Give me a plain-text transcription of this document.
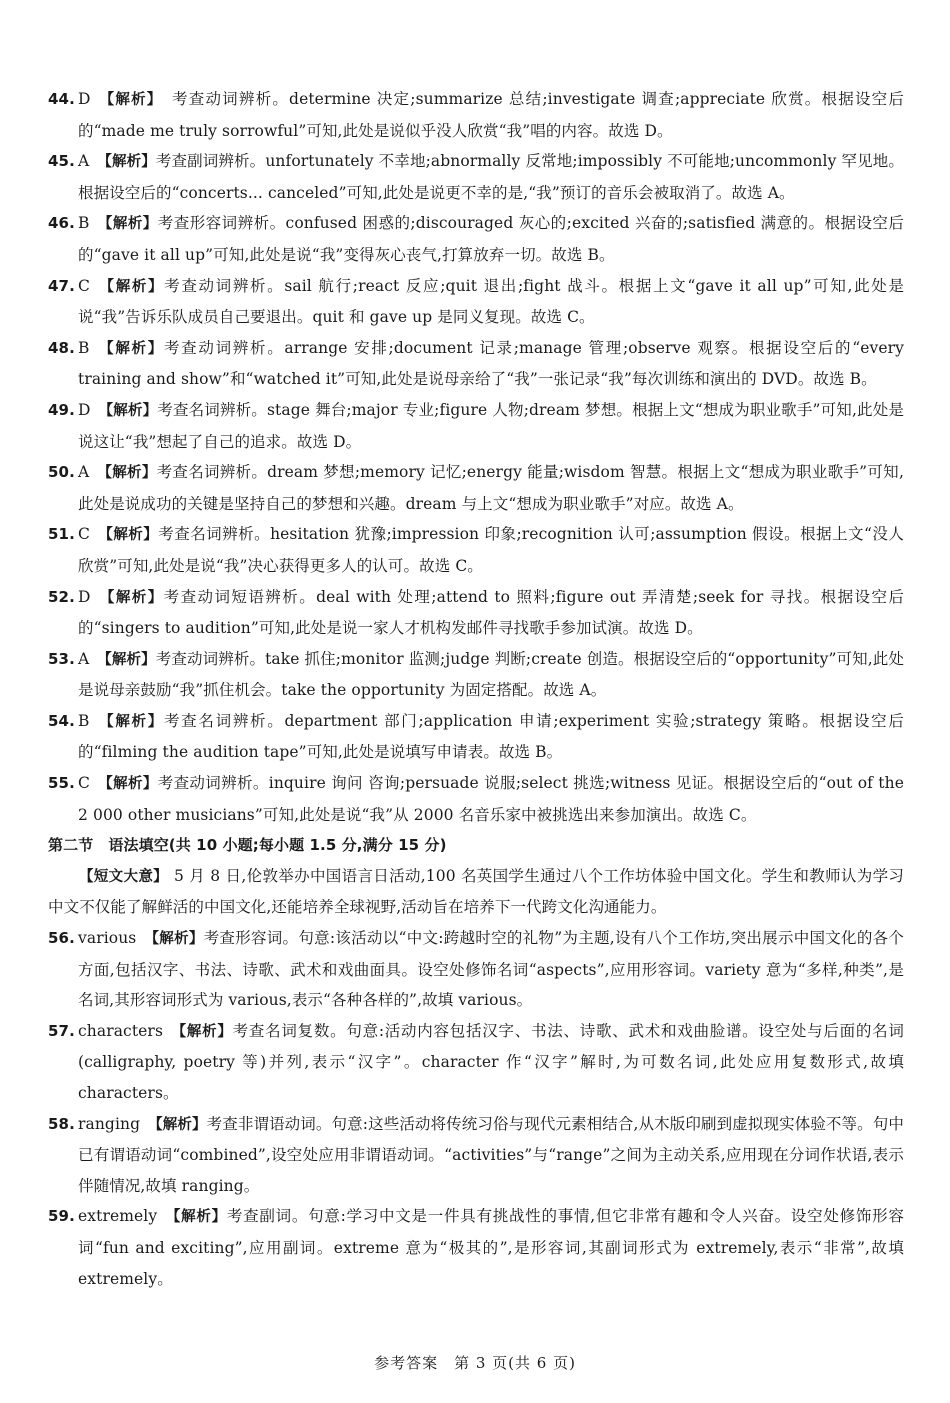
44. D 【解析】　考查动词辨析。determine 决定;summarize 总结;investigate 调查;appreciate 欣赏。根据设空后的“made me truly sorrowful”可知,此处是说似乎没人欣赏“我”唱的内容。故选 D。
45. A 【解析】考查副词辨析。unfortunately 不幸地;abnormally 反常地;impossibly 不可能地;uncommonly 罕见地。根据设空后的“concerts... canceled”可知,此处是说更不幸的是,“我”预订的音乐会被取消了。故选 A。
46. B 【解析】考查形容词辨析。confused 困惑的;discouraged 灰心的;excited 兴奋的;satisfied 满意的。根据设空后的“gave it all up”可知,此处是说“我”变得灰心丧气,打算放弃一切。故选 B。
47. C 【解析】考查动词辨析。sail 航行;react 反应;quit 退出;fight 战斗。根据上文“gave it all up”可知,此处是说“我”告诉乐队成员自己要退出。quit 和 gave up 是同义复现。故选 C。
48. B 【解析】考查动词辨析。arrange 安排;document 记录;manage 管理;observe 观察。根据设空后的“every training and show”和“watched it”可知,此处是说母亲给了“我”一张记录“我”每次训练和演出的 DVD。故选 B。
49. D 【解析】考查名词辨析。stage 舞台;major 专业;figure 人物;dream 梦想。根据上文“想成为职业歌手”可知,此处是说这让“我”想起了自己的追求。故选 D。
50. A 【解析】考查名词辨析。dream 梦想;memory 记忆;energy 能量;wisdom 智慧。根据上文“想成为职业歌手”可知,此处是说成功的关键是坚持自己的梦想和兴趣。dream 与上文“想成为职业歌手”对应。故选 A。
51. C 【解析】考查名词辨析。hesitation 犹豫;impression 印象;recognition 认可;assumption 假设。根据上文“没人欣赏”可知,此处是说“我”决心获得更多人的认可。故选 C。
52. D 【解析】考查动词短语辨析。deal with 处理;attend to 照料;figure out 弄清楚;seek for 寻找。根据设空后的“singers to audition”可知,此处是说一家人才机构发邮件寻找歌手参加试演。故选 D。
53. A 【解析】考查动词辨析。take 抓住;monitor 监测;judge 判断;create 创造。根据设空后的“opportunity”可知,此处是说母亲鼓励“我”抓住机会。take the opportunity 为固定搭配。故选 A。
54. B 【解析】考查名词辨析。department 部门;application 申请;experiment 实验;strategy 策略。根据设空后的“filming the audition tape”可知,此处是说填写申请表。故选 B。
55. C 【解析】考查动词辨析。inquire 询问 咨询;persuade 说服;select 挑选;witness 见证。根据设空后的“out of the 2 000 other musicians”可知,此处是说“我”从 2000 名音乐家中被挑选出来参加演出。故选 C。
第二节　语法填空(共 10 小题;每小题 1.5 分,满分 15 分)
【短文大意】 5 月 8 日,伦敦举办中国语言日活动,100 名英国学生通过八个工作坊体验中国文化。学生和教师认为学习中文不仅能了解鲜活的中国文化,还能培养全球视野,活动旨在培养下一代跨文化沟通能力。
56. various 【解析】考查形容词。句意:该活动以“中文:跨越时空的礼物”为主题,设有八个工作坊,突出展示中国文化的各个方面,包括汉字、书法、诗歌、武术和戏曲面具。设空处修饰名词“aspects”,应用形容词。variety 意为“多样,种类”,是名词,其形容词形式为 various,表示“各种各样的”,故填 various。
57. characters 【解析】考查名词复数。句意:活动内容包括汉字、书法、诗歌、武术和戏曲脸谱。设空处与后面的名词(calligraphy, poetry 等)并列,表示“汉字”。character 作“汉字”解时,为可数名词,此处应用复数形式,故填 characters。
58. ranging 【解析】考查非谓语动词。句意:这些活动将传统习俗与现代元素相结合,从木版印刷到虚拟现实体验不等。句中已有谓语动词“combined”,设空处应用非谓语动词。“activities”与“range”之间为主动关系,应用现在分词作状语,表示伴随情况,故填 ranging。
59. extremely 【解析】考查副词。句意:学习中文是一件具有挑战性的事情,但它非常有趣和令人兴奋。设空处修饰形容词“fun and exciting”,应用副词。extreme 意为“极其的”,是形容词,其副词形式为 extremely,表示“非常”,故填 extremely。
参考答案　第 3 页(共 6 页)
